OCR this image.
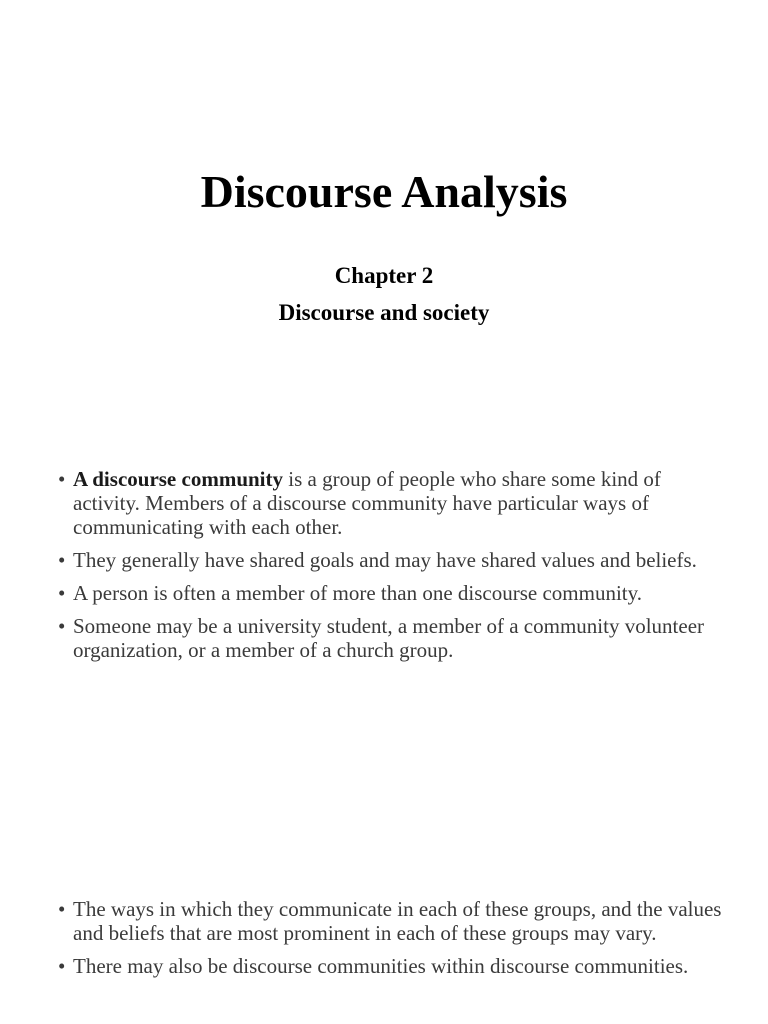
Discourse Analysis
Chapter 2
Discourse and society
• A discourse community is a group of people who share some kind of activity. Members of a discourse community have particular ways of communicating with each other.
• They generally have shared goals and may have shared values and beliefs.
• A person is often a member of more than one discourse community.
• Someone may be a university student, a member of a community volunteer organization, or a member of a church group.
• The ways in which they communicate in each of these groups, and the values and beliefs that are most prominent in each of these groups may vary.
• There may also be discourse communities within discourse communities.
